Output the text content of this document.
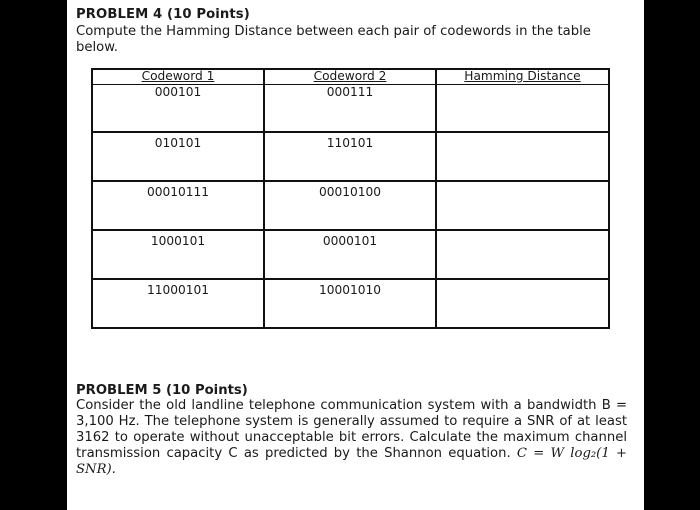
PROBLEM 4 (10 Points)
Compute the Hamming Distance between each pair of codewords in the table below.
Codeword 1	Codeword 2	Hamming Distance

000101	000111	

010101	110101	

00010111	00010100	

1000101	0000101	

11000101	10001010	

PROBLEM 5 (10 Points)
Consider the old landline telephone communication system with a bandwidth B = 3,100 Hz. The telephone system is generally assumed to require a SNR of at least 3162 to operate without unacceptable bit errors. Calculate the maximum channel transmission capacity C as predicted by the Shannon equation. C = W log₂(1 + SNR).
